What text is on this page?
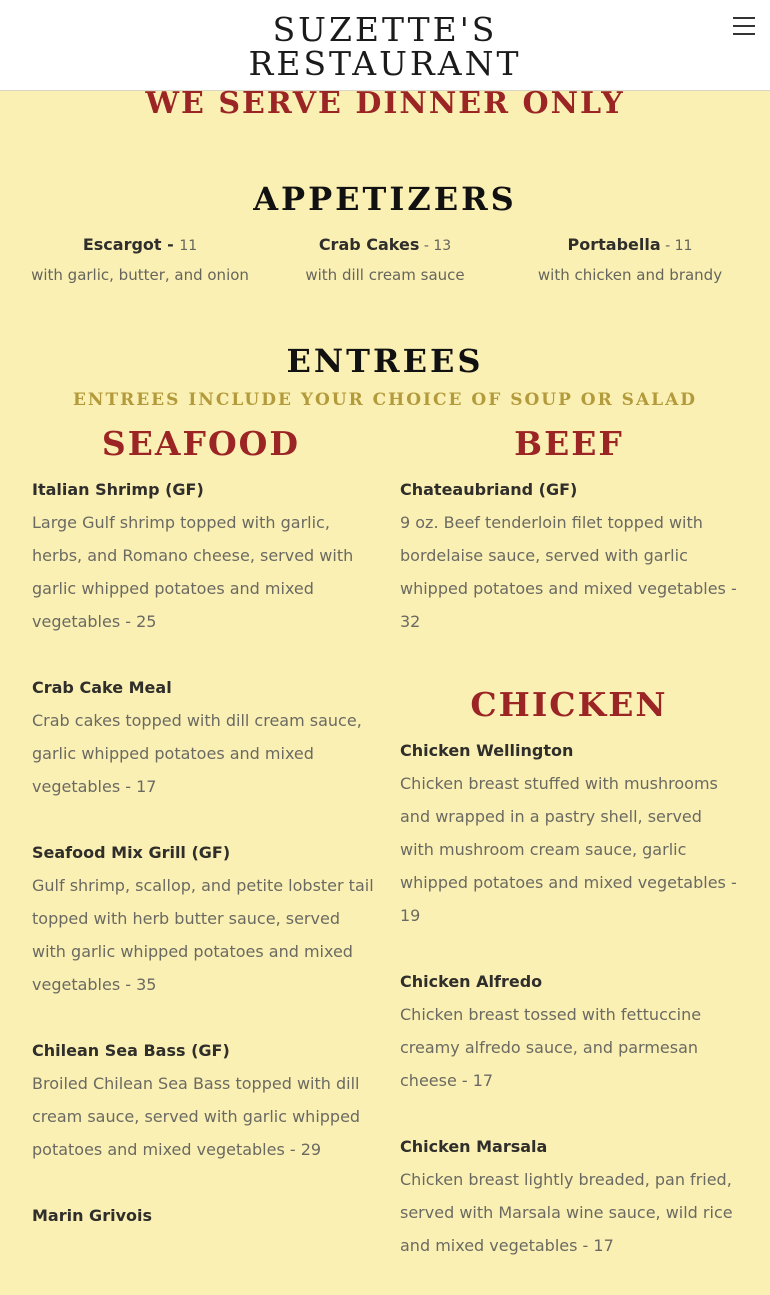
SUZETTE'S
RESTAURANT
WE SERVE DINNER ONLY
APPETIZERS
Escargot - 11
with garlic, butter, and onion
Crab Cakes - 13
with dill cream sauce
Portabella - 11
with chicken and brandy
ENTREES
ENTREES INCLUDE YOUR CHOICE OF SOUP OR SALAD
SEAFOOD	BEEF
Italian Shrimp (GF)
Large Gulf shrimp topped with garlic, herbs, and Romano cheese, served with garlic whipped potatoes and mixed vegetables - 25
Crab Cake Meal
Crab cakes topped with dill cream sauce, garlic whipped potatoes and mixed vegetables - 17
Seafood Mix Grill (GF)
Gulf shrimp, scallop, and petite lobster tail topped with herb butter sauce, served with garlic whipped potatoes and mixed vegetables - 35
Chilean Sea Bass (GF)
Broiled Chilean Sea Bass topped with dill cream sauce, served with garlic whipped potatoes and mixed vegetables - 29
Marin Grivois
Chateaubriand (GF)
9 oz. Beef tenderloin filet topped with bordelaise sauce, served with garlic whipped potatoes and mixed vegetables - 32
CHICKEN
Chicken Wellington
Chicken breast stuffed with mushrooms and wrapped in a pastry shell, served with mushroom cream sauce, garlic whipped potatoes and mixed vegetables - 19
Chicken Alfredo
Chicken breast tossed with fettuccine creamy alfredo sauce, and parmesan cheese - 17
Chicken Marsala
Chicken breast lightly breaded, pan fried, served with Marsala wine sauce, wild rice and mixed vegetables - 17
